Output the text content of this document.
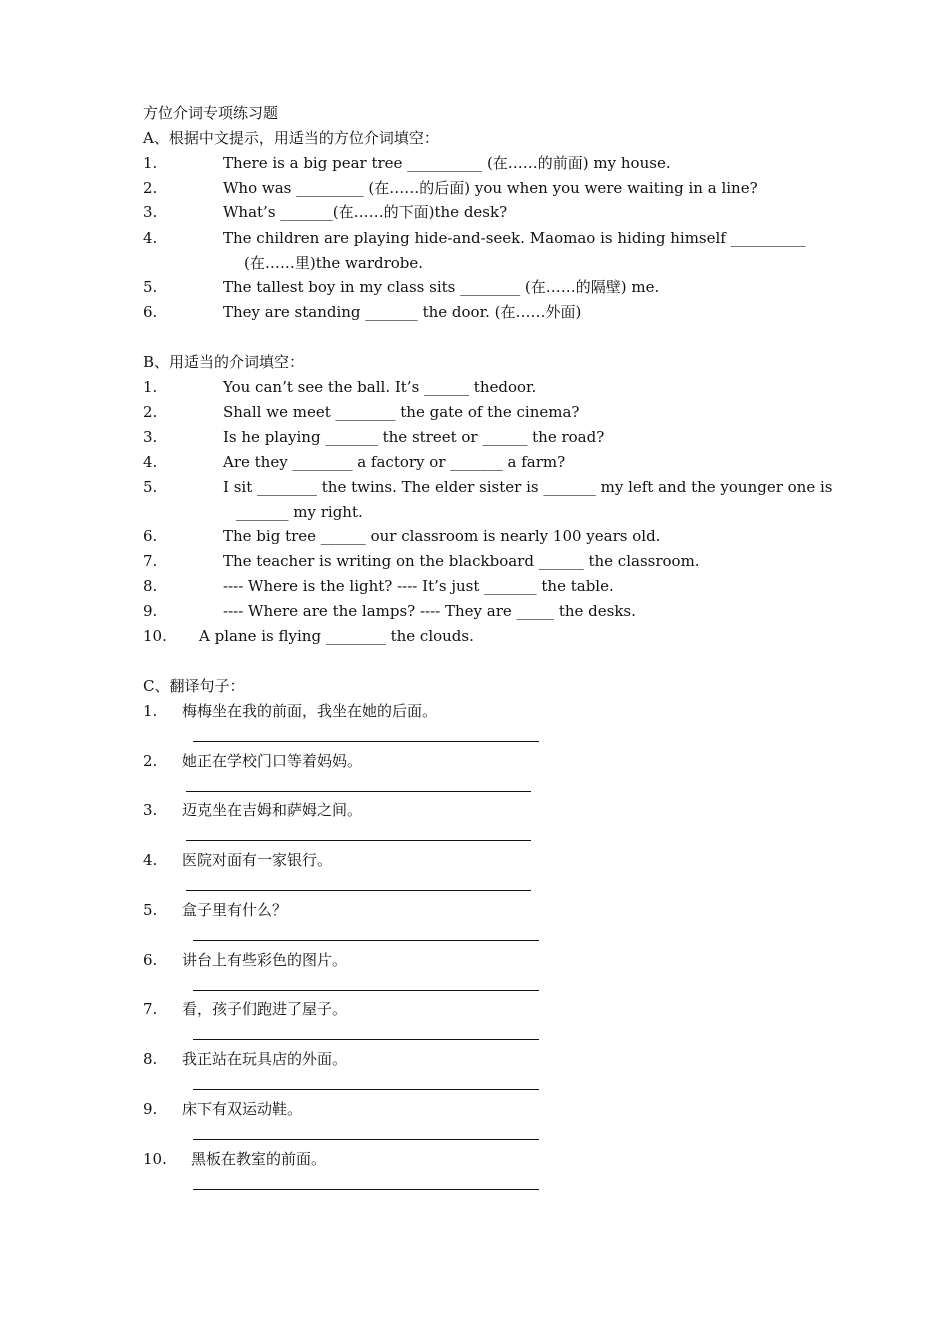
方位介词专项练习题
A、根据中文提示，用适当的方位介词填空：
1.	There is a big pear tree __________ (在……的前面) my house.
2.	Who was _________ (在……的后面) you when you were waiting in a line?
3.	What’s _______(在……的下面)the desk?
4.	The children are playing hide-and-seek. Maomao is hiding himself __________
(在……里)the wardrobe.
5.	The tallest boy in my class sits ________ (在……的隔壁) me.
6.	They are standing _______ the door. (在……外面)
B、用适当的介词填空：
1.	You can’t see the ball. It’s ______ thedoor.
2.	Shall we meet ________ the gate of the cinema?
3.	Is he playing _______ the street or ______ the road?
4.	Are they ________ a factory or _______ a farm?
5.	I sit ________ the twins. The elder sister is _______ my left and the younger one is
_______ my right.
6.	The big tree ______ our classroom is nearly 100 years old.
7.	The teacher is writing on the blackboard ______ the classroom.
8.	---- Where is the light? ---- It’s just _______ the table.
9.	---- Where are the lamps? ---- They are _____ the desks.
10. A plane is flying ________ the clouds.
C、翻译句子：
1. 梅梅坐在我的前面，我坐在她的后面。
2. 她正在学校门口等着妈妈。
3. 迈克坐在吉姆和萨姆之间。
4. 医院对面有一家银行。
5. 盒子里有什么？
6. 讲台上有些彩色的图片。
7. 看，孩子们跑进了屋子。
8. 我正站在玩具店的外面。
9. 床下有双运动鞋。
10. 黑板在教室的前面。
